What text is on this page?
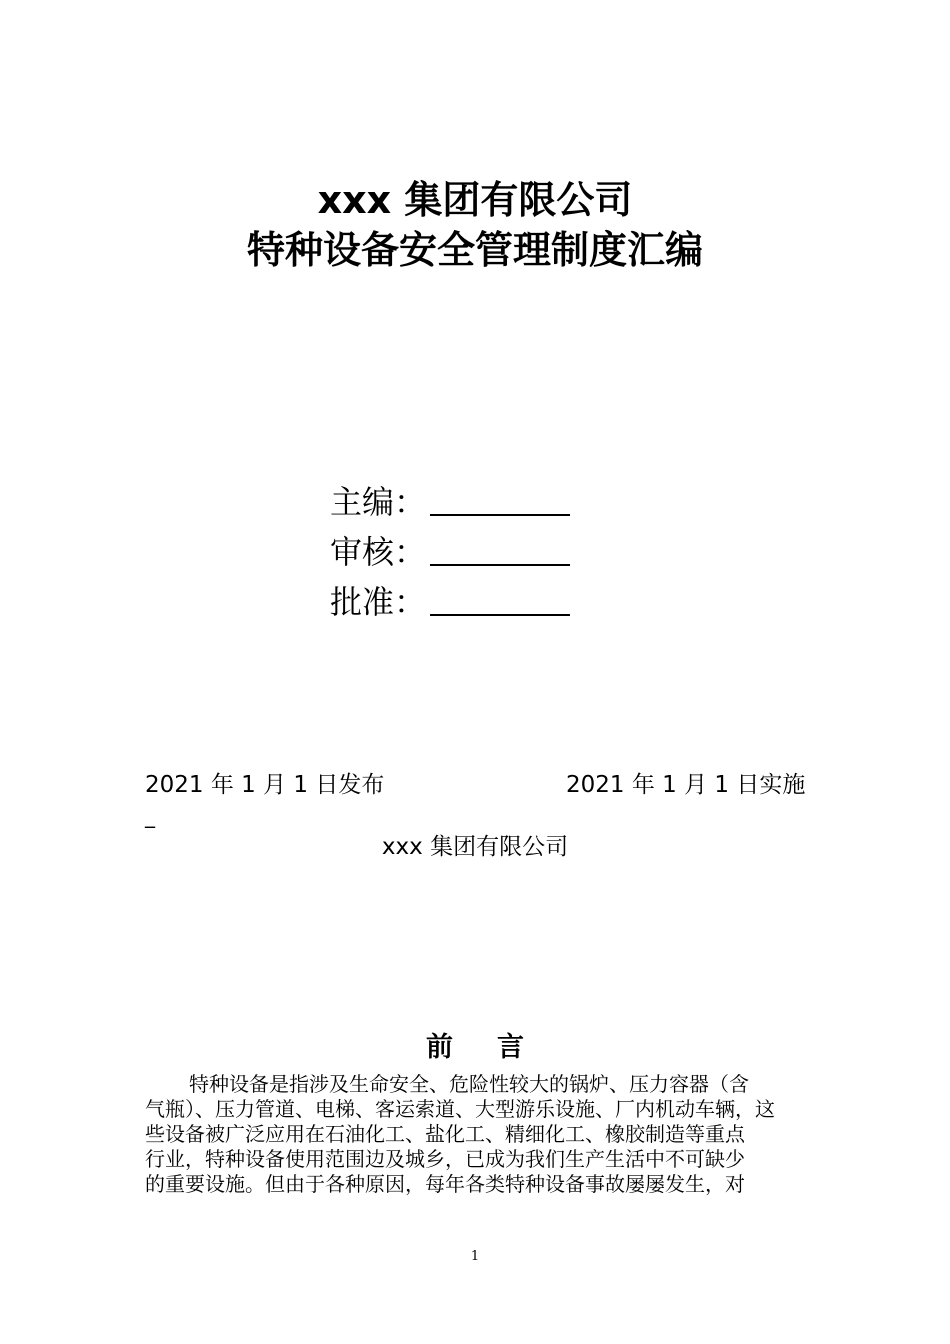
xxx 集团有限公司
特种设备安全管理制度汇编
主编：
审核：
批准：
2021 年 1 月 1 日发布	2021 年 1 月 1 日实施
_
xxx 集团有限公司
前 言
特种设备是指涉及生命安全、危险性较大的锅炉、压力容器（含
气瓶）、压力管道、电梯、客运索道、大型游乐设施、厂内机动车辆，这
些设备被广泛应用在石油化工、盐化工、精细化工、橡胶制造等重点
行业，特种设备使用范围边及城乡，已成为我们生产生活中不可缺少
的重要设施。但由于各种原因，每年各类特种设备事故屡屡发生，对
1
